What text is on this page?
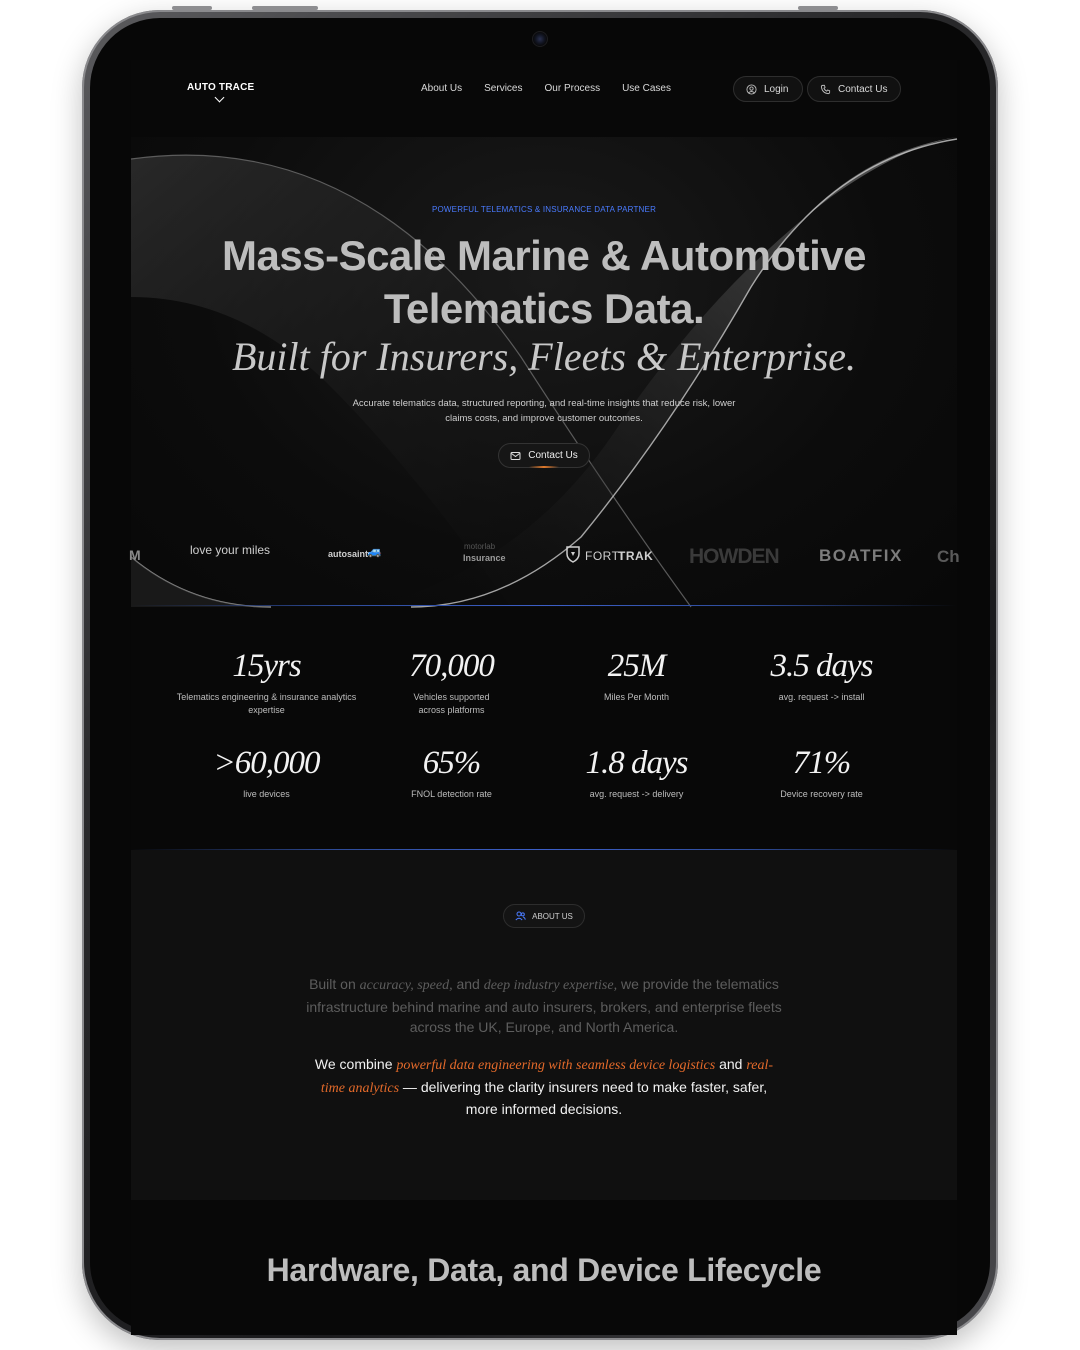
AUTO TRACE	About Us Services Our Process Use Cases	Login	Contact Us
POWERFUL TELEMATICS & INSURANCE DATA PARTNER
Mass-Scale Marine & Automotive
Telematics Data.
Built for Insurers, Fleets & Enterprise.
Accurate telematics data, structured reporting, and real-time insights that reduce risk, lower claims costs, and improve customer outcomes.
Contact Us
M	love your miles	autosaint
🚙	motorlab
Insurance	FORTI
TRAK HOWDEN BOATFIX Ch
15yrs
Telematics engineering & insurance analytics expertise
70,000
Vehicles supported across platforms
25M
Miles Per Month
3.5 days
avg. request -> install
>60,000
live devices
65%
FNOL detection rate
1.8 days
avg. request -> delivery
71%
Device recovery rate
ABOUT US
Built on accuracy, speed, and deep industry expertise, we provide the telematics infrastructure behind marine and auto insurers, brokers, and enterprise fleets across the UK, Europe, and North America.
We combine powerful data engineering with seamless device logistics and real-time analytics — delivering the clarity insurers need to make faster, safer, more informed decisions.
Hardware, Data, and Device Lifecycle
